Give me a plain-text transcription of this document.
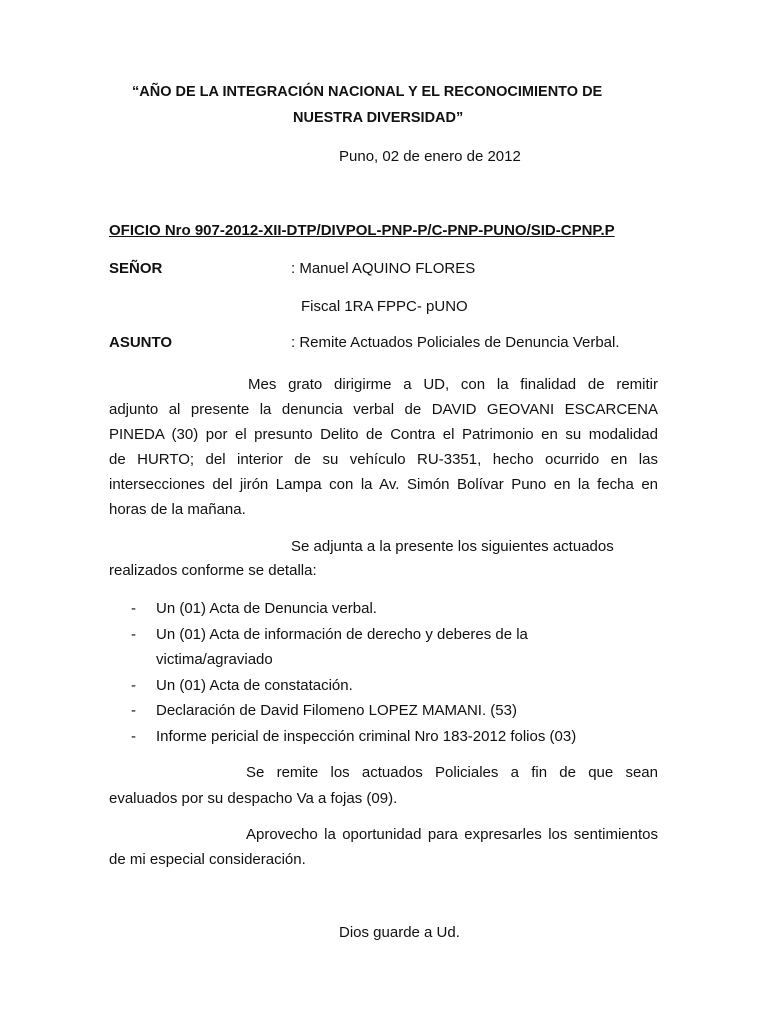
“AÑO DE LA INTEGRACIÓN NACIONAL Y EL RECONOCIMIENTO DE
NUESTRA DIVERSIDAD”
Puno, 02 de enero de 2012
OFICIO Nro 907-2012-XII-DTP/DIVPOL-PNP-P/C-PNP-PUNO/SID-CPNP.P
SEÑOR	: Manuel AQUINO FLORES
Fiscal 1RA FPPC- pUNO
ASUNTO	: Remite Actuados Policiales de Denuncia Verbal.
Mes grato dirigirme a UD, con la finalidad de remitir
adjunto al presente la denuncia verbal de DAVID GEOVANI ESCARCENA
PINEDA (30) por el presunto Delito de Contra el Patrimonio en su modalidad
de HURTO; del interior de su vehículo RU-3351, hecho ocurrido en las
intersecciones del jirón Lampa con la Av. Simón Bolívar Puno en la fecha en
horas de la mañana.
Se adjunta a la presente los siguientes actuados
realizados conforme se detalla:
- Un (01) Acta de Denuncia verbal.
- Un (01) Acta de información de derecho y deberes de la
victima/agraviado
- Un (01) Acta de constatación.
- Declaración de David Filomeno LOPEZ MAMANI. (53)
- Informe pericial de inspección criminal Nro 183-2012 folios (03)
Se remite los actuados Policiales a fin de que sean
evaluados por su despacho Va a fojas (09).
Aprovecho la oportunidad para expresarles los sentimientos
de mi especial consideración.
Dios guarde a Ud.
